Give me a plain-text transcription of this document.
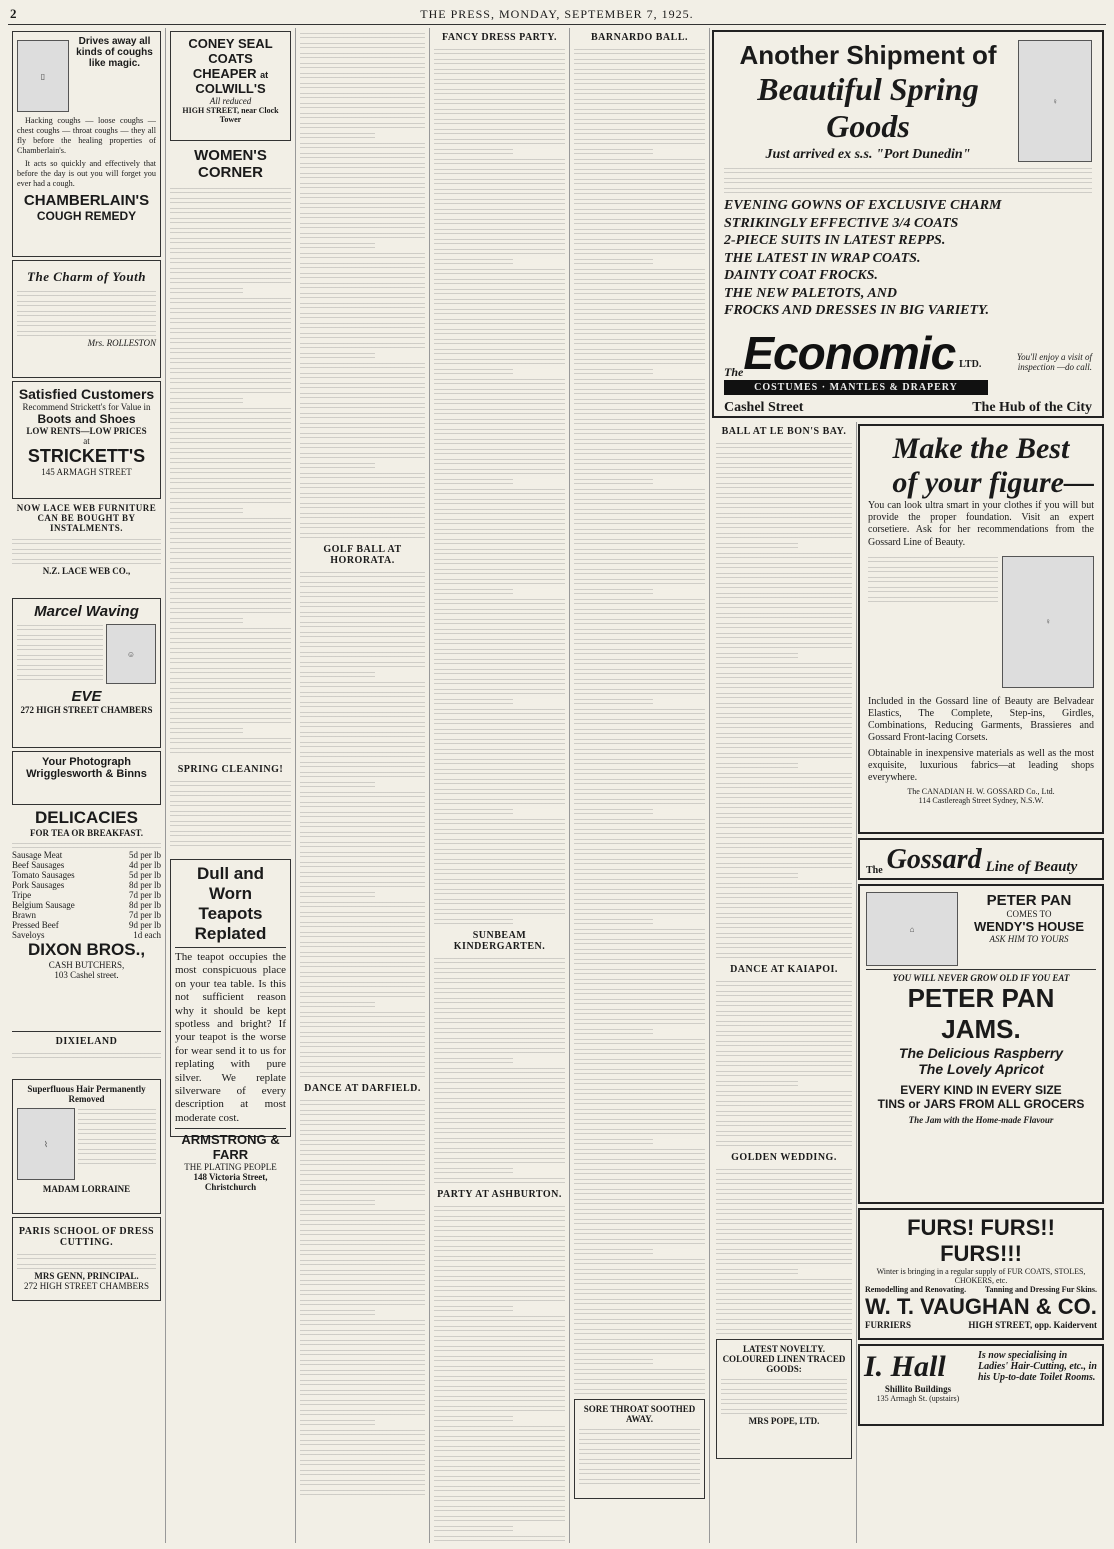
2	THE PRESS, MONDAY, SEPTEMBER 7, 1925.
▯
Drives away all kinds of coughs like magic.

Hacking coughs — loose coughs — chest coughs — throat coughs — they all fly before the healing properties of Chamberlain's.

It acts so quickly and effectively that before the day is out you will forget you ever had a cough.

CHAMBERLAIN'S
COUGH REMEDY
The Charm of Youth
Mrs. ROLLESTON
Satisfied Customers
Recommend Strickett's for Value in
Boots and Shoes
LOW RENTS—LOW PRICES
at
STRICKETT'S
145 ARMAGH STREET
NOW LACE WEB FURNITURE CAN BE BOUGHT BY INSTALMENTS.
N.Z. LACE WEB CO.,
Marcel Waving
☺
EVE
272 HIGH STREET CHAMBERS
Your Photograph
Wrigglesworth & Binns
DELICACIES
FOR TEA OR BREAKFAST.
Sausage Meat	5d per lb
Beef Sausages	4d per lb
Tomato Sausages	5d per lb
Pork Sausages	8d per lb
Tripe	7d per lb
Belgium Sausage	8d per lb
Brawn	7d per lb
Pressed Beef	9d per lb
Saveloys	1d each
DIXON BROS.,
CASH BUTCHERS,
103 Cashel street.
DIXIELAND
Superfluous Hair Permanently Removed
⌇
MADAM LORRAINE
PARIS SCHOOL OF DRESS CUTTING.
MRS GENN, PRINCIPAL.
272 HIGH STREET CHAMBERS
CONEY SEAL
COATS
CHEAPER at
COLWILL'S
All reduced
HIGH STREET, near Clock Tower
WOMEN'S CORNER
SPRING CLEANING!
Dull and Worn Teapots Replated

The teapot occupies the most conspicuous place on your tea table. Is this not sufficient reason why it should be kept spotless and bright? If your teapot is the worse for wear send it to us for replating with pure silver. We replate silverware of every description at most moderate cost.

ARMSTRONG & FARR
THE PLATING PEOPLE
148 Victoria Street, Christchurch
GOLF BALL AT HORORATA.
DANCE AT DARFIELD.
FANCY DRESS PARTY.
SUNBEAM KINDERGARTEN.
PARTY AT ASHBURTON.
BARNARDO BALL.
SORE THROAT SOOTHED AWAY.
Another Shipment of
Beautiful Spring Goods
Just arrived ex s.s. "Port Dunedin"
♀
EVENING GOWNS OF EXCLUSIVE CHARM
STRIKINGLY EFFECTIVE 3/4 COATS
2-PIECE SUITS IN LATEST REPPS.
THE LATEST IN WRAP COATS.
DAINTY COAT FROCKS.
THE NEW PALETOTS, AND
FROCKS AND DRESSES IN BIG VARIETY.
The Economic LTD.
You'll enjoy a visit of inspection —do call.
COSTUMES · MANTLES & DRAPERY
Cashel Street	The Hub of the City
BALL AT LE BON'S BAY.
DANCE AT KAIAPOI.
GOLDEN WEDDING.
LATEST NOVELTY.
COLOURED LINEN TRACED GOODS:
MRS POPE, LTD.
Make the Best
of your figure—

You can look ultra smart in your clothes if you will but provide the proper foundation. Visit an expert corsetiere. Ask for her recommendations from the Gossard Line of Beauty.

♀

Included in the Gossard line of Beauty are Belvadear Elastics, The Complete, Step-ins, Girdles, Combinations, Reducing Garments, Brassieres and Gossard Front-lacing Corsets.

Obtainable in inexpensive materials as well as the most exquisite, luxurious fabrics—at leading shops everywhere.

The CANADIAN H. W. GOSSARD Co., Ltd.
114 Castlereagh Street Sydney, N.S.W.
The Gossard Line of Beauty
⌂
PETER PAN
COMES TO
WENDY'S HOUSE
ASK HIM TO YOURS
YOU WILL NEVER GROW OLD IF YOU EAT
PETER PAN JAMS.
The Delicious Raspberry
The Lovely Apricot
EVERY KIND IN EVERY SIZE
TINS or JARS FROM ALL GROCERS
The Jam with the Home-made Flavour
FURS! FURS!! FURS!!!
Winter is bringing in a regular supply of FUR COATS, STOLES, CHOKERS, etc.
Remodelling and Renovating. Tanning and Dressing Fur Skins.
W. T. VAUGHAN & CO.
FURRIERS	HIGH STREET, opp. Kaidervent
I. Hall
Shillito Buildings
135 Armagh St. (upstairs)
Is now specialising in Ladies' Hair-Cutting, etc., in his Up-to-date Toilet Rooms.
